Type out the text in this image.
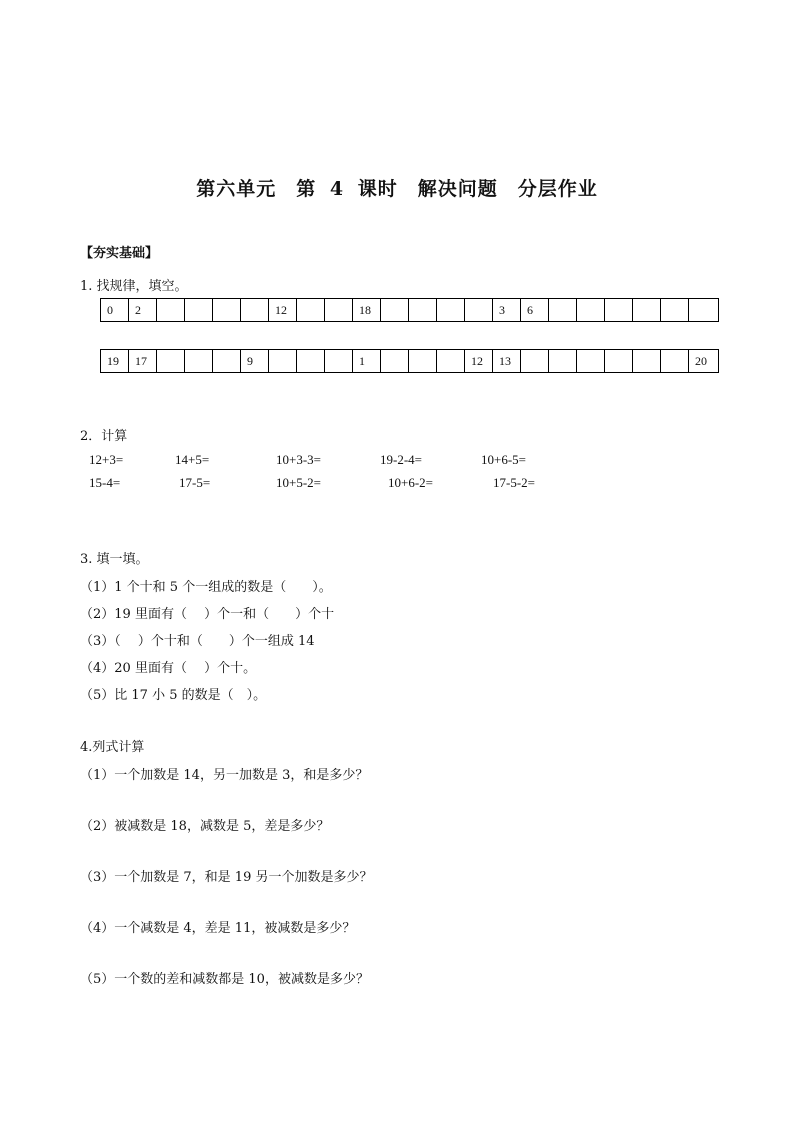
第六单元　第 4 课时　解决问题　分层作业
【夯实基础】
1. 找规律，填空。
0	2					12			18					3	6						
19	17				9				1				12	13							20
2．计算
12+3=	14+5=	10+3-3=	19-2-4=	10+6-5=
15-4=	17-5=	10+5-2=	10+6-2=	17-5-2=
3. 填一填。
（1）1 个十和 5 个一组成的数是（　　）。
（2）19 里面有（　 ）个一和（　　）个十
（3）（　 ）个十和（　　）个一组成 14
（4）20 里面有（　 ）个十。
（5）比 17 小 5 的数是（　）。
4.列式计算
（1）一个加数是 14，另一加数是 3，和是多少？
（2）被减数是 18，减数是 5，差是多少？
（3）一个加数是 7，和是 19 另一个加数是多少？
（4）一个减数是 4，差是 11，被减数是多少？
（5）一个数的差和减数都是 10，被减数是多少？
